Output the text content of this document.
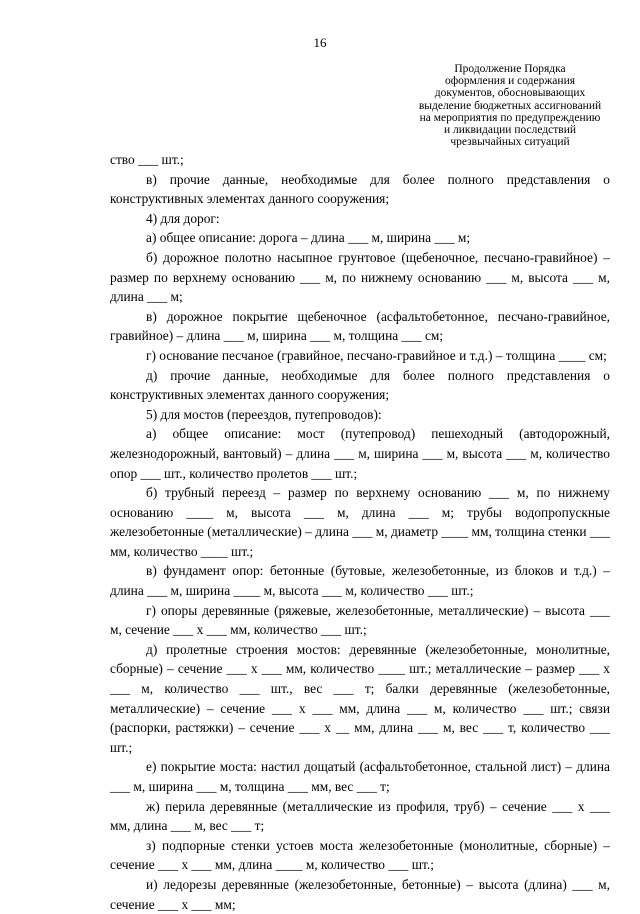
16
Продолжение Порядка
оформления и содержания
документов, обосновывающих
выделение бюджетных ассигнований
на мероприятия по предупреждению
и ликвидации последствий
чрезвычайных ситуаций

ство ___ шт.;

в) прочие данные, необходимые для более полного представления о конструктивных элементах данного сооружения;

4) для дорог:

а) общее описание: дорога – длина ___ м, ширина ___ м;

б) дорожное полотно насыпное грунтовое (щебеночное, песчано-гравийное) – размер по верхнему основанию ___ м, по нижнему основанию ___ м, высота ___ м, длина ___ м;

в) дорожное покрытие щебеночное (асфальтобетонное, песчано-гравийное, гравийное) – длина ___ м, ширина ___ м, толщина ___ см;

г) основание песчаное (гравийное, песчано-гравийное и т.д.) – толщина ____ см;

д) прочие данные, необходимые для более полного представления о конструктивных элементах данного сооружения;

5) для мостов (переездов, путепроводов):

а) общее описание: мост (путепровод) пешеходный (автодорожный, железнодорожный, вантовый) – длина ___ м, ширина ___ м, высота ___ м, количество опор ___ шт., количество пролетов ___ шт.;

б) трубный переезд – размер по верхнему основанию ___ м, по нижнему основанию ____ м, высота ___ м, длина ___ м; трубы водопропускные железобетонные (металлические) – длина ___ м, диаметр ____ мм, толщина стенки ___ мм, количество ____ шт.;

в) фундамент опор: бетонные (бутовые, железобетонные, из блоков и т.д.) – длина ___ м, ширина ____ м, высота ___ м, количество ___ шт.;

г) опоры деревянные (ряжевые, железобетонные, металлические) – высота ___ м, сечение ___ х ___ мм, количество ___ шт.;

д) пролетные строения мостов: деревянные (железобетонные, монолитные, сборные) – сечение ___ х ___ мм, количество ____ шт.; металлические – размер ___ х ___ м, количество ___ шт., вес ___ т; балки деревянные (железобетонные, металлические) – сечение ___ х ___ мм, длина ___ м, количество ___ шт.; связи (распорки, растяжки) – сечение ___ х __ мм, длина ___ м, вес ___ т, количество ___ шт.;

е) покрытие моста: настил дощатый (асфальтобетонное, стальной лист) – длина ___ м, ширина ___ м, толщина ___ мм, вес ___ т;

ж) перила деревянные (металлические из профиля, труб) – сечение ___ х ___ мм, длина ___ м, вес ___ т;

з) подпорные стенки устоев моста железобетонные (монолитные, сборные) – сечение ___ х ___ мм, длина ____ м, количество ___ шт.;

и) ледорезы деревянные (железобетонные, бетонные) – высота (длина) ___ м, сечение ___ х ___ мм;
